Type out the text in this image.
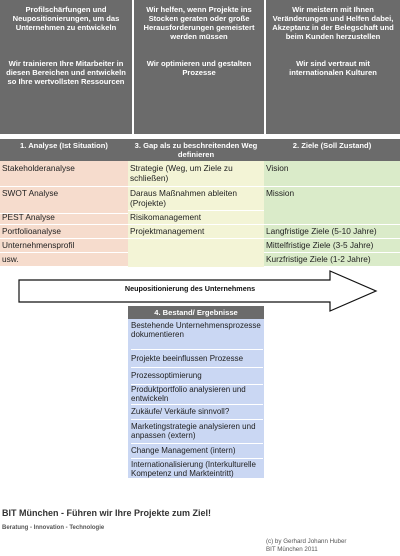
Profilschärfungen und Neupositionierungen, um das Unternehmen zu entwickeln
Wir trainieren Ihre Mitarbeiter in diesen Bereichen und entwickeln so Ihre wertvollsten Ressourcen
Wir helfen, wenn Projekte ins Stocken geraten oder große Herausforderungen gemeistert werden müssen
Wir optimieren und gestalten Prozesse
Wir meistern mit Ihnen Veränderungen und Helfen dabei, Akzeptanz in der Belegschaft und beim Kunden herzustellen
Wir sind vertraut mit internationalen Kulturen
1. Analyse (Ist Situation)	3. Gap als zu beschreitenden Weg definieren
2. Ziele (Soll Zustand)
Stakeholderanalyse
SWOT Analyse
PEST Analyse
Portfolioanalyse
Unternehmensprofil
usw.
Strategie (Weg, um Ziele zu schließen)
Daraus Maßnahmen ableiten (Projekte)
Risikomanagement
Projektmanagement
Vision
Mission
Langfristige Ziele (5-10 Jahre)
Mittelfristige Ziele (3-5 Jahre)
Kurzfristige Ziele (1-2 Jahre)
Neupositionierung des Unternehmens
4. Bestand/ Ergebnisse
Bestehende Unternehmensprozesse dokumentieren
Projekte beeinflussen Prozesse
Prozessoptimierung
Produktportfolio analysieren und entwickeln
Zukäufe/ Verkäufe sinnvoll?
Marketingstrategie analysieren und anpassen (extern)
Change Management (intern)
Internationalisierung (Interkulturelle Kompetenz und Markteintritt)
BIT München - Führen wir Ihre Projekte zum Ziel!
Beratung - Innovation - Technologie
(c) by Gerhard Johann Huber
BIT München 2011
